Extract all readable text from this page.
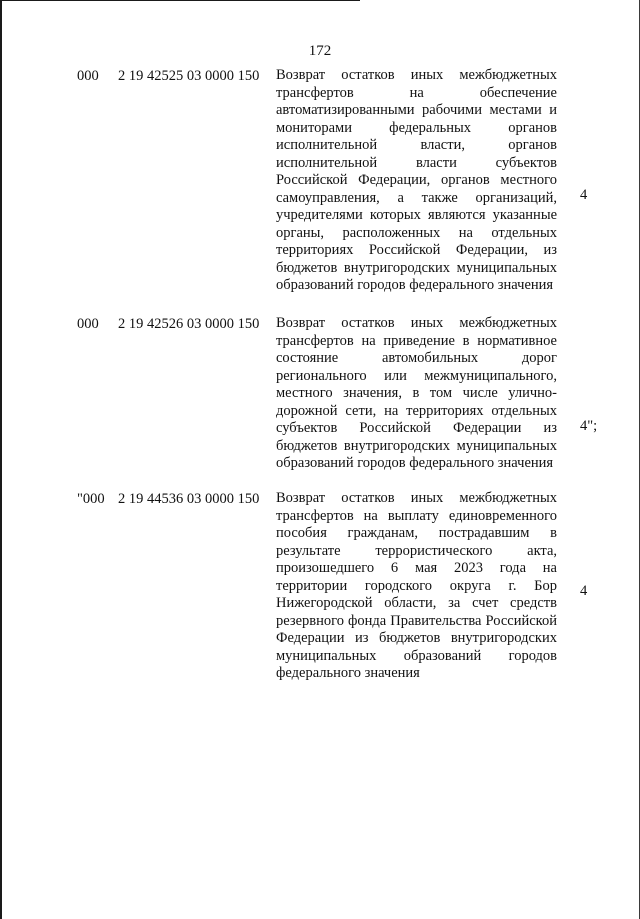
172
000 2 19 42525 03 0000 150 Возврат остатков иных межбюджетных трансфертов на обеспечение автоматизированными рабочими местами и мониторами федеральных органов исполнительной власти, органов исполнительной власти субъектов Российской Федерации, органов местного самоуправления, а также организаций, учредителями которых являются указанные органы, расположенных на отдельных территориях Российской Федерации, из бюджетов внутригородских муниципальных образований городов федерального значения
4
000 2 19 42526 03 0000 150 Возврат остатков иных межбюджетных трансфертов на приведение в нормативное состояние автомобильных дорог регионального или межмуниципального, местного значения, в том числе улично-дорожной сети, на территориях отдельных субъектов Российской Федерации из бюджетов внутригородских муниципальных образований городов федерального значения
4";
"000 2 19 44536 03 0000 150 Возврат остатков иных межбюджетных трансфертов на выплату единовременного пособия гражданам, пострадавшим в результате террористического акта, произошедшего 6 мая 2023 года на территории городского округа г. Бор Нижегородской области, за счет средств резервного фонда Правительства Российской Федерации из бюджетов внутригородских муниципальных образований городов федерального значения
4
